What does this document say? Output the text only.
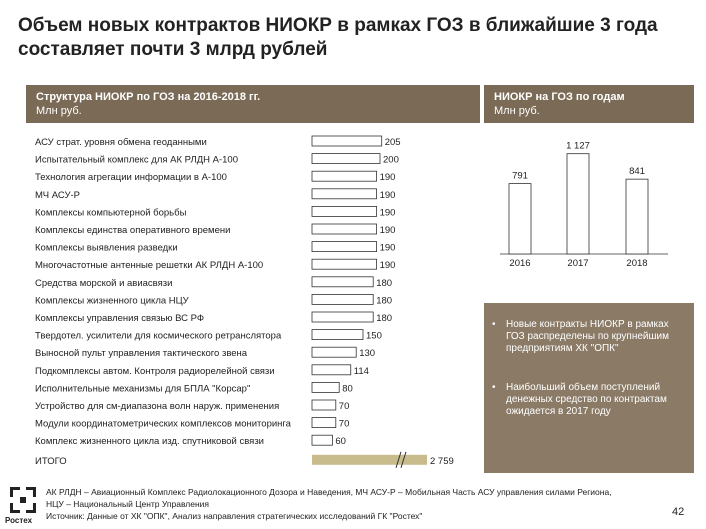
Объем новых контрактов НИОКР в рамках ГОЗ в ближайшие 3 года составляет почти 3 млрд рублей
Структура НИОКР по ГОЗ на 2016-2018 гг.
Млн руб.
НИОКР на ГОЗ по годам
Млн руб.
АСУ страт. уровня обмена геоданными	205
Испытательный комплекс для АК РЛДН А-100	200
Технология агрегации информации в А-100	190
МЧ АСУ-Р	190
Комплексы компьютерной борьбы	190
Комплексы единства оперативного времени	190
Комплексы выявления разведки	190
Многочастотные антенные решетки АК РЛДН А-100	190
Средства морской и авиасвязи	180
Комплексы жизненного цикла НЦУ	180
Комплексы управления связью ВС РФ	180
Твердотел. усилители для космического ретранслятора	150
Выносной пульт управления тактического звена	130
Подкомплексы автом. Контроля радиорелейной связи	114
Исполнительные механизмы для БПЛА "Корсар"	80
Устройство для см-диапазона волн наруж. применения	70
Модули координатометрических комплексов мониторинга	70
Комплекс жизненного цикла изд. спутниковой связи	60
ИТОГО	2 759
791
2016
1 127
2017
841
2018
• Новые контракты НИОКР в рамках ГОЗ распределены по крупнейшим предприятиям ХК "ОПК"
• Наибольший объем поступлений денежных средство по контрактам ожидается в 2017 году
АК РЛДН – Авиационный Комплекс Радиолокационного Дозора и Наведения, МЧ АСУ-Р – Мобильная Часть АСУ управления силами Региона,
НЦУ – Национальный Центр Управления
Источник: Данные от ХК "ОПК", Анализ направления стратегических исследований ГК "Ростех"
Ростех
42
